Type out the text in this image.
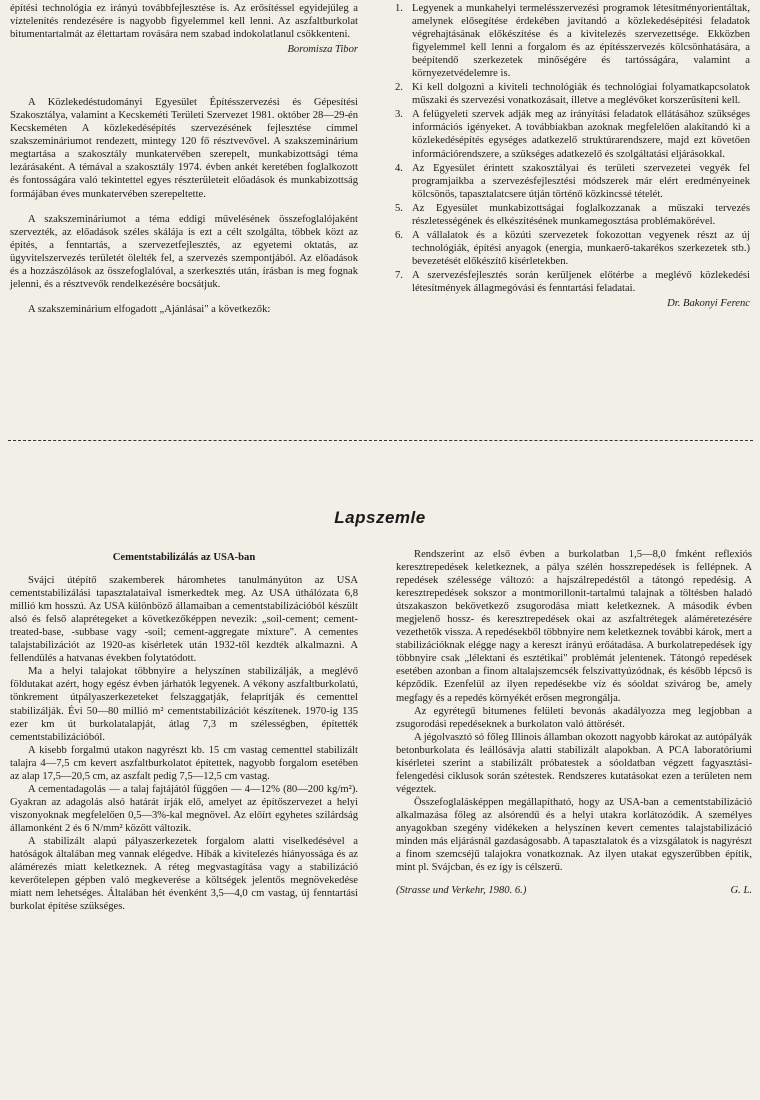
építési technológia ez irányú továbbfejlesztése is. Az erősítéssel egyidejűleg a víztelenítés rendezésére is nagyobb figyelemmel kell lenni. Az aszfaltburkolat bitumentartalmát az élettartam rovására nem szabad indokolatlanul csökkenteni.

Boromisza Tibor

A Közlekedéstudományi Egyesület Építésszervezési és Gépesítési Szakosztálya, valamint a Kecskeméti Területi Szervezet 1981. október 28—29-én Kecskeméten A közlekedésépítés szervezésének fejlesztése címmel szakszemináriumot rendezett, mintegy 120 fő résztvevővel. A szakszeminárium megtartása a szakosztály munkatervében szerepelt, munkabizottsági téma lezárásaként. A témával a szakosztály 1974. évben ankét keretében foglalkozott és fontosságára való tekintettel egyes részterületeit előadások és munkabizottság formájában éves munkatervében szerepeltette.

A szakszemináriumot a téma eddigi művelésének összefoglalójaként szervezték, az előadások széles skálája is ezt a célt szolgálta, többek közt az építés, a fenntartás, a szervezetfejlesztés, az egyetemi oktatás, az ügyvitelszervezés területét ölelték fel, a szervezés szempontjából. Az előadások és a hozzászólások az összefoglalóval, a szerkesztés után, írásban is meg fognak jelenni, és a résztvevők rendelkezésére bocsátjuk.

A szakszeminárium elfogadott „Ajánlásai" a következők:

1. Legyenek a munkahelyi termelésszervezési programok létesítményorientáltak, amelynek elősegítése érdekében javítandó a közlekedésépítési feladatok végrehajtásának előkészítése és a kivitelezés szervezettsége. Ekközben figyelemmel kell lenni a forgalom és az építésszervezés kölcsönhatására, a beépítendő szerkezetek minőségére és tartósságára, valamint a környezetvédelemre is.
2. Ki kell dolgozni a kiviteli technológiák és technológiai folyamatkapcsolatok műszaki és szervezési vonatkozásait, illetve a meglévőket korszerűsíteni kell.
3. A felügyeleti szervek adják meg az irányítási feladatok ellátásához szükséges információs igényeket. A továbbiakban azoknak megfelelően alakítandó ki a közlekedésépítés egységes adatkezelő struktúrarendszere, majd ezt követően információrendszere, a szükséges adatkezelő és szolgáltatási eljárásokkal.
4. Az Egyesület érintett szakosztályai és területi szervezetei vegyék fel programjaikba a szervezésfejlesztési módszerek már elért eredményeinek kölcsönös, tapasztalatcsere útján történő közkincssé tételét.
5. Az Egyesület munkabizottságai foglalkozzanak a műszaki tervezés részletességének és elkészítésének munkamegosztása problémakörével.
6. A vállalatok és a közúti szervezetek fokozottan vegyenek részt az új technológiák, építési anyagok (energia, munkaerő-takarékos szerkezetek stb.) bevezetését előkészítő kísérletekben.
7. A szervezésfejlesztés során kerüljenek előtérbe a meglévő közlekedési létesítmények állagmegóvási és fenntartási feladatai.
Dr. Bakonyi Ferenc
Lapszemle
Cementstabilizálás az USA-ban

Svájci útépítő szakemberek háromhetes tanulmányúton az USA cementstabilizálási tapasztalataival ismerkedtek meg. Az USA úthálózata 6,8 millió km hosszú. Az USA különböző államaiban a cementstabilizációból készült alsó és felső alaprétegeket a következőképpen nevezik: „soil-cement; cement-treated-base, -subbase vagy -soil; cement-aggregate mixture". A cementes talajstabilizációt az 1920-as kísérletek után 1932-től kezdték alkalmazni. A fellendülés a hatvanas években folytatódott.

Ma a helyi talajokat többnyire a helyszínen stabilizálják, a meglévő földutakat azért, hogy egész évben járhatók legyenek. A vékony aszfaltburkolatú, tönkrement útpályaszerkezeteket felszaggatják, felaprítják és cementtel stabilizálják. Évi 50—80 millió m² cementstabilizációt készítenek. 1970-ig 135 ezer km út burkolatalapját, átlag 7,3 m szélességben, építették cementstabilizációból.

A kisebb forgalmú utakon nagyrészt kb. 15 cm vastag cementtel stabilizált talajra 4—7,5 cm kevert aszfaltburkolatot építettek, nagyobb forgalom esetében az alap 17,5—20,5 cm, az aszfalt pedig 7,5—12,5 cm vastag.

A cementadagolás — a talaj fajtájától függően — 4—12% (80—200 kg/m²). Gyakran az adagolás alsó határát írják elő, amelyet az építőszervezet a helyi viszonyoknak megfelelően 0,5—3%-kal megnövel. Az előírt egyhetes szilárdság államonként 2 és 6 N/mm² között változik.

A stabilizált alapú pályaszerkezetek forgalom alatti viselkedésével a hatóságok általában meg vannak elégedve. Hibák a kivitelezés hiányossága és az alámérezés miatt keletkeznek. A réteg megvastagítása vagy a stabilizáció keverőtelepen gépben való megkeverése a költségek jelentős megnövekedése miatt nem lehetséges. Általában hét évenként 3,5—4,0 cm vastag, új fenntartási burkolat építése szükséges.

Rendszerint az első évben a burkolatban 1,5—8,0 fmként reflexiós keresztrepedések keletkeznek, a pálya szélén hosszrepedések is fellépnek. A repedések szélessége változó: a hajszálrepedéstől a tátongó repedésig. A keresztrepedések sokszor a montmorillonit-tartalmú talajnak a töltésben haladó útszakaszon bekövetkező zsugorodása miatt keletkeznek. A második évben megjelenő hossz- és keresztrepedések okai az aszfaltrétegek aláméretezésére vezethetők vissza. A repedésekből többnyire nem keletkeznek további károk, mert a stabilizációknak elégge nagy a kereszt irányú erőátadása. A burkolatrepedések így többnyire csak „lélektani és esztétikai" problémát jelentenek. Tátongó repedések esetében azonban a finom altalajszemcsék felszivattyúzódnak, és később lépcső is képződik. Ezenfelül az ilyen repedésekbe víz és sóoldat szivárog be, amely megfagy és a repedés környékét erősen megrongálja.

Az egyrétegű bitumenes felületi bevonás akadályozza meg legjobban a zsugorodási repedéseknek a burkolaton való áttörését.

A jégolvasztó só főleg Illinois államban okozott nagyobb károkat az autópályák betonburkolata és leállósávja alatti stabilizált alapokban. A PCA laboratóriumi kísérletei szerint a stabilizált próbatestek a sóoldatban végzett fagyasztási-felengedési ciklusok során szétestek. Rendszeres kutatásokat ezen a területen nem végeztek.

Összefoglalásképpen megállapítható, hogy az USA-ban a cementstabilizáció alkalmazása főleg az alsórendű és a helyi utakra korlátozódik. A személyes anyagokban szegény vidékeken a helyszínen kevert cementes talajstabilizáció minden más eljárásnál gazdaságosabb. A tapasztalatok és a vizsgálatok is nagyrészt a finom szemcséjű talajokra vonatkoznak. Az ilyen utakat egyszerűbben építik, mint pl. Svájcban, és ez így is célszerű.

(Strasse und Verkehr, 1980. 6.)	G. L.
